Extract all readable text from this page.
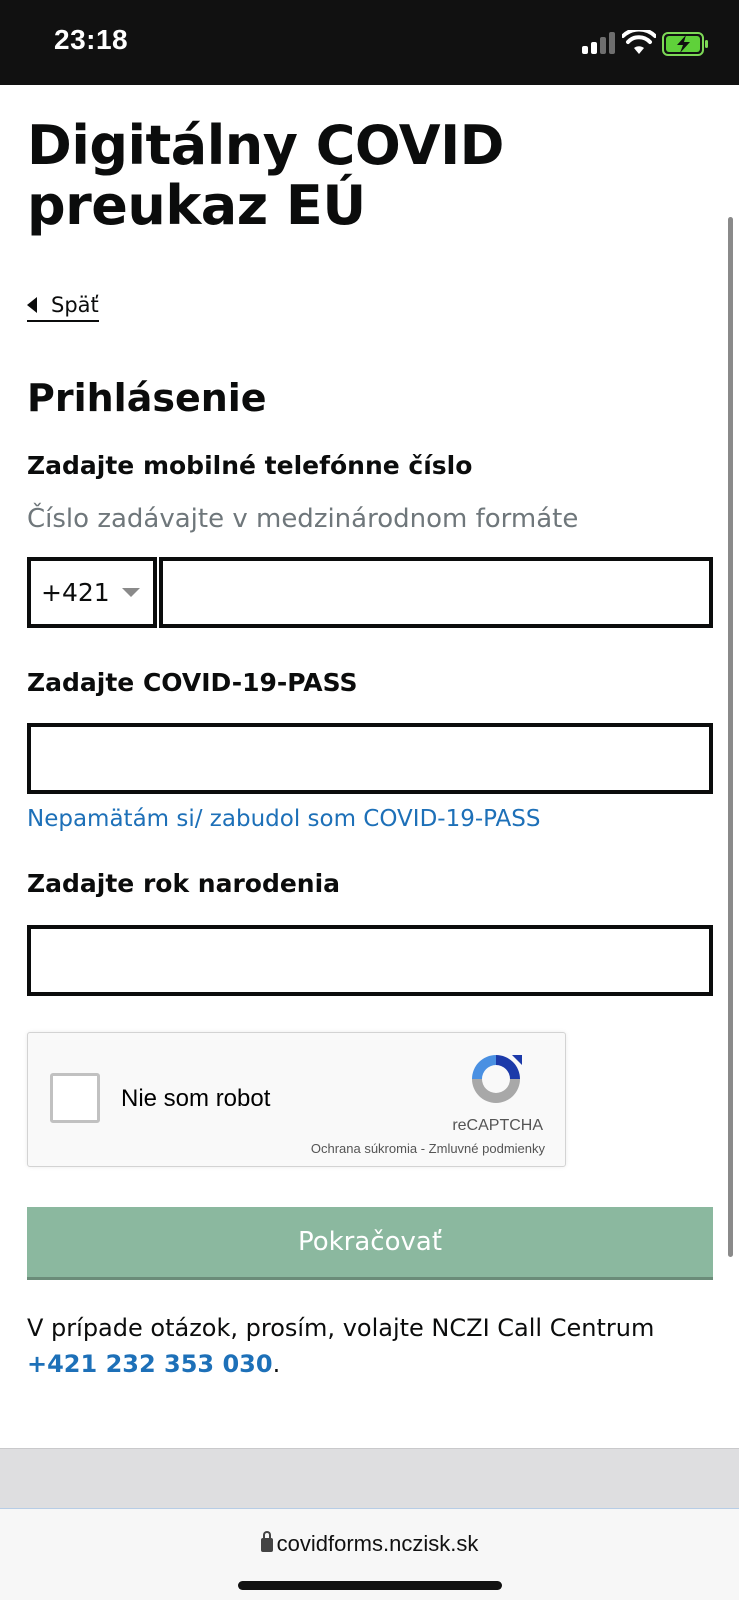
23:18
Digitálny COVID preukaz EÚ
Späť
Prihlásenie
Zadajte mobilné telefónne číslo
Číslo zadávajte v medzinárodnom formáte
+421
Zadajte COVID-19-PASS
Nepamätám si/ zabudol som COVID-19-PASS
Zadajte rok narodenia
Nie som robot
reCAPTCHA
Ochrana súkromia - Zmluvné podmienky
Pokračovať

V prípade otázok, prosím, volajte NCZI Call Centrum +421 232 353 030.

covidforms.nczisk.sk
